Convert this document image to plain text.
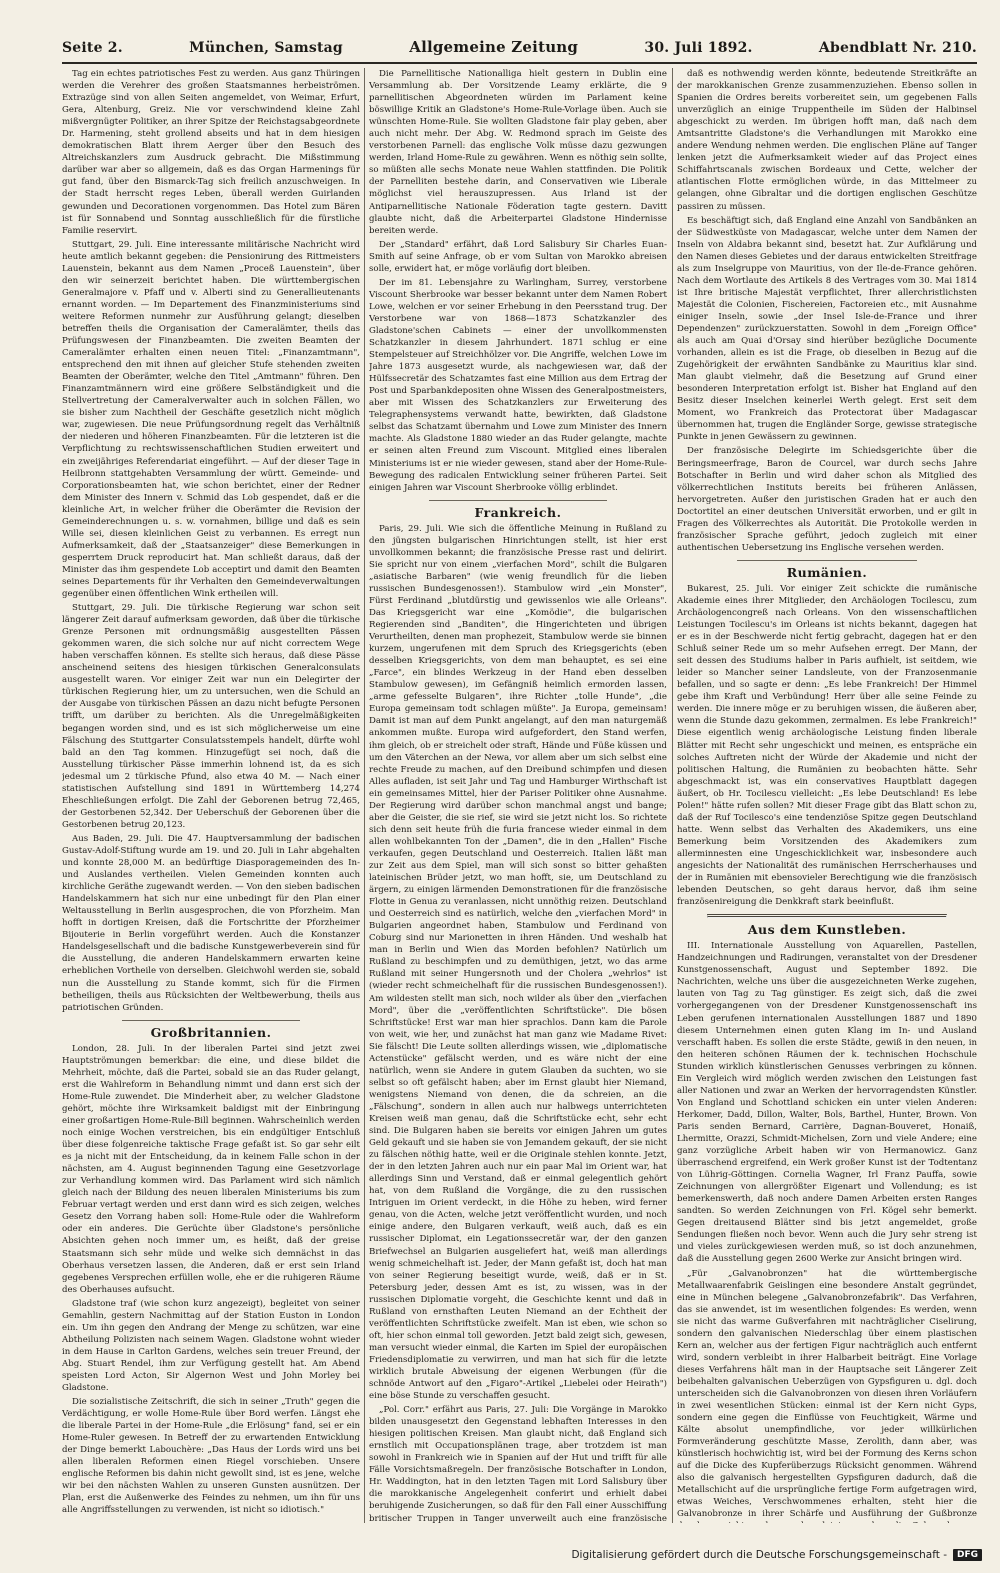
Seite 2.	München, Samstag	Allgemeine Zeitung	30. Juli 1892.	Abendblatt Nr. 210.

Tag ein echtes patriotisches Fest zu werden. Aus ganz Thüringen werden die Verehrer des großen Staatsmannes herbeiströmen. Extrazüge sind von allen Seiten angemeldet, von Weimar, Erfurt, Gera, Altenburg, Greiz. Nie vor verschwindend kleine Zahl mißvergnügter Politiker, an ihrer Spitze der Reichstagsabgeordnete Dr. Harmening, steht grollend abseits und hat in dem hiesigen demokratischen Blatt ihrem Aerger über den Besuch des Altreichskanzlers zum Ausdruck gebracht. Die Mißstimmung darüber war aber so allgemein, daß es das Organ Harmenings für gut fand, über den Bismarck-Tag sich freilich anzuschweigen. In der Stadt herrscht reges Leben, überall werden Guirlanden gewunden und Decorationen vorgenommen. Das Hotel zum Bären ist für Sonnabend und Sonntag ausschließlich für die fürstliche Familie reservirt.

Stuttgart, 29. Juli. Eine interessante militärische Nachricht wird heute amtlich bekannt gegeben: die Pensionirung des Rittmeisters Lauenstein, bekannt aus dem Namen „Proceß Lauenstein", über den wir seinerzeit berichtet haben. Die württembergischen Generalmajore v. Pfaff und v. Alberti sind zu Generallieutenants ernannt worden. — Im Departement des Finanzministeriums sind weitere Reformen nunmehr zur Ausführung gelangt; dieselben betreffen theils die Organisation der Cameralämter, theils das Prüfungswesen der Finanzbeamten. Die zweiten Beamten der Cameralämter erhalten einen neuen Titel: „Finanzamtmann", entsprechend den mit ihnen auf gleicher Stufe stehenden zweiten Beamten der Oberämter, welche den Titel „Amtmann" führen. Den Finanzamtmännern wird eine größere Selbständigkeit und die Stellvertretung der Cameralverwalter auch in solchen Fällen, wo sie bisher zum Nachtheil der Geschäfte gesetzlich nicht möglich war, zugewiesen. Die neue Prüfungsordnung regelt das Verhältniß der niederen und höheren Finanzbeamten. Für die letzteren ist die Verpflichtung zu rechtswissenschaftlichen Studien erweitert und ein zweijähriges Referendariat eingeführt. — Auf der dieser Tage in Heilbronn stattgehabten Versammlung der württ. Gemeinde- und Corporationsbeamten hat, wie schon berichtet, einer der Redner dem Minister des Innern v. Schmid das Lob gespendet, daß er die kleinliche Art, in welcher früher die Oberämter die Revision der Gemeinderechnungen u. s. w. vornahmen, billige und daß es sein Wille sei, diesen kleinlichen Geist zu verbannen. Es erregt nun Aufmerksamkeit, daß der „Staatsanzeiger" diese Bemerkungen in gesperrtem Druck reproducirt hat. Man schließt daraus, daß der Minister das ihm gespendete Lob acceptirt und damit den Beamten seines Departements für ihr Verhalten den Gemeindeverwaltungen gegenüber einen öffentlichen Wink ertheilen will.

Stuttgart, 29. Juli. Die türkische Regierung war schon seit längerer Zeit darauf aufmerksam geworden, daß über die türkische Grenze Personen mit ordnungsmäßig ausgestellten Pässen gekommen waren, die sich solche nur auf nicht correctem Wege haben verschaffen können. Es stellte sich heraus, daß diese Pässe anscheinend seitens des hiesigen türkischen Generalconsulats ausgestellt waren. Vor einiger Zeit war nun ein Delegirter der türkischen Regierung hier, um zu untersuchen, wen die Schuld an der Ausgabe von türkischen Pässen an dazu nicht befugte Personen trifft, um darüber zu berichten. Als die Unregelmäßigkeiten begangen worden sind, und es ist sich möglicherweise um eine Fälschung des Stuttgarter Consulatsstempels handelt, dürfte wohl bald an den Tag kommen. Hinzugefügt sei noch, daß die Ausstellung türkischer Pässe immerhin lohnend ist, da es sich jedesmal um 2 türkische Pfund, also etwa 40 M. — Nach einer statistischen Aufstellung sind 1891 in Württemberg 14,274 Eheschließungen erfolgt. Die Zahl der Geborenen betrug 72,465, der Gestorbenen 52,342. Der Ueberschuß der Geborenen über die Gestorbenen betrug 20,123.

Aus Baden, 29. Juli. Die 47. Hauptversammlung der badischen Gustav-Adolf-Stiftung wurde am 19. und 20. Juli in Lahr abgehalten und konnte 28,000 M. an bedürftige Diasporagemeinden des In- und Auslandes vertheilen. Vielen Gemeinden konnten auch kirchliche Geräthe zugewandt werden. — Von den sieben badischen Handelskammern hat sich nur eine unbedingt für den Plan einer Weltausstellung in Berlin ausgesprochen, die von Pforzheim. Man hofft in dortigen Kreisen, daß die Fortschritte der Pforzheimer Bijouterie in Berlin vorgeführt werden. Auch die Konstanzer Handelsgesellschaft und die badische Kunstgewerbeverein sind für die Ausstellung, die anderen Handelskammern erwarten keine erheblichen Vortheile von derselben. Gleichwohl werden sie, sobald nun die Ausstellung zu Stande kommt, sich für die Firmen betheiligen, theils aus Rücksichten der Weltbewerbung, theils aus patriotischen Gründen.

Großbritannien.

London, 28. Juli. In der liberalen Partei sind jetzt zwei Hauptströmungen bemerkbar: die eine, und diese bildet die Mehrheit, möchte, daß die Partei, sobald sie an das Ruder gelangt, erst die Wahlreform in Behandlung nimmt und dann erst sich der Home-Rule zuwendet. Die Minderheit aber, zu welcher Gladstone gehört, möchte ihre Wirksamkeit baldigst mit der Einbringung einer großartigen Home-Rule-Bill beginnen. Wahrscheinlich werden noch einige Wochen verstreichen, bis ein endgültiger Entschluß über diese folgenreiche taktische Frage gefaßt ist. So gar sehr eilt es ja nicht mit der Entscheidung, da in keinem Falle schon in der nächsten, am 4. August beginnenden Tagung eine Gesetzvorlage zur Verhandlung kommen wird. Das Parlament wird sich nämlich gleich nach der Bildung des neuen liberalen Ministeriums bis zum Februar vertagt werden und erst dann wird es sich zeigen, welches Gesetz den Vorrang haben soll: Home-Rule oder die Wahlreform oder ein anderes. Die Gerüchte über Gladstone's persönliche Absichten gehen noch immer um, es heißt, daß der greise Staatsmann sich sehr müde und welke sich demnächst in das Oberhaus versetzen lassen, die Anderen, daß er erst sein Irland gegebenes Versprechen erfüllen wolle, ehe er die ruhigeren Räume des Oberhauses aufsucht.

Gladstone traf (wie schon kurz angezeigt), begleitet von seiner Gemahlin, gestern Nachmittag auf der Station Euston in London ein. Um ihn gegen den Andrang der Menge zu schützen, war eine Abtheilung Polizisten nach seinem Wagen. Gladstone wohnt wieder in dem Hause in Carlton Gardens, welches sein treuer Freund, der Abg. Stuart Rendel, ihm zur Verfügung gestellt hat. Am Abend speisten Lord Acton, Sir Algernon West und John Morley bei Gladstone.

Die sozialistische Zeitschrift, die sich in seiner „Truth" gegen die Verdächtigung, er wolle Home-Rule über Bord werfen. Längst ehe die liberale Partei in der Home-Rule „die Erlösung" fand, sei er ein Home-Ruler gewesen. In Betreff der zu erwartenden Entwicklung der Dinge bemerkt Labouchère: „Das Haus der Lords wird uns bei allen liberalen Reformen einen Riegel vorschieben. Unsere englische Reformen bis dahin nicht gewollt sind, ist es jene, welche wir bei den nächsten Wahlen zu unseren Gunsten ausnützen. Der Plan, erst die Außenwerke des Feindes zu nehmen, um ihn für uns alle Angriffsstellungen zu verwenden, ist nicht so idiotisch."

Die Parnellitische Nationalliga hielt gestern in Dublin eine Versammlung ab. Der Vorsitzende Leamy erklärte, die 9 parnellitischen Abgeordneten würden im Parlament keine böswillige Kritik an Gladstone's Home-Rule-Vorlage üben. Auch sie wünschten Home-Rule. Sie wollten Gladstone fair play geben, aber auch nicht mehr. Der Abg. W. Redmond sprach im Geiste des verstorbenen Parnell: das englische Volk müsse dazu gezwungen werden, Irland Home-Rule zu gewähren. Wenn es nöthig sein sollte, so müßten alle sechs Monate neue Wahlen stattfinden. Die Politik der Parnelliten bestehe darin, and Conservativen wie Liberale möglichst viel herauszupressen. Aus Irland ist der Antiparnellitische Nationale Föderation tagte gestern. Davitt glaubte nicht, daß die Arbeiterpartei Gladstone Hindernisse bereiten werde.

Der „Standard" erfährt, daß Lord Salisbury Sir Charles Euan-Smith auf seine Anfrage, ob er vom Sultan von Marokko abreisen solle, erwidert hat, er möge vorläufig dort bleiben.

Der im 81. Lebensjahre zu Warlingham, Surrey, verstorbene Viscount Sherbrooke war besser bekannt unter dem Namen Robert Lowe, welchen er vor seiner Erhebung in den Peersstand trug. Der Verstorbene war von 1868—1873 Schatzkanzler des Gladstone'schen Cabinets — einer der unvollkommensten Schatzkanzler in diesem Jahrhundert. 1871 schlug er eine Stempelsteuer auf Streichhölzer vor. Die Angriffe, welchen Lowe im Jahre 1873 ausgesetzt wurde, als nachgewiesen war, daß der Hülfssecretär des Schatzamtes fast eine Million aus dem Ertrag der Post und Sparbankdepositen ohne Wissen des Generalpostmeisters, aber mit Wissen des Schatzkanzlers zur Erweiterung des Telegraphensystems verwandt hatte, bewirkten, daß Gladstone selbst das Schatzamt übernahm und Lowe zum Minister des Innern machte. Als Gladstone 1880 wieder an das Ruder gelangte, machte er seinen alten Freund zum Viscount. Mitglied eines liberalen Ministeriums ist er nie wieder gewesen, stand aber der Home-Rule-Bewegung des radicalen Entwicklung seiner früheren Partei. Seit einigen Jahren war Viscount Sherbrooke völlig erblindet.

Frankreich.

Paris, 29. Juli. Wie sich die öffentliche Meinung in Rußland zu den jüngsten bulgarischen Hinrichtungen stellt, ist hier erst unvollkommen bekannt; die französische Presse rast und delirirt. Sie spricht nur von einem „vierfachen Mord", schilt die Bulgaren „asiatische Barbaren" (wie wenig freundlich für die lieben russischen Bundesgenossen!). Stambulow wird „ein Monster", Fürst Ferdinand „blutdürstig und gewissenlos wie alle Orleans". Das Kriegsgericht war eine „Komödie", die bulgarischen Regierenden sind „Banditen", die Hingerichteten und übrigen Verurtheilten, denen man prophezeit, Stambulow werde sie binnen kurzem, ungerufenen mit dem Spruch des Kriegsgerichts (eben desselben Kriegsgerichts, von dem man behauptet, es sei eine „Farce", ein blindes Werkzeug in der Hand eben desselben Stambulow gewesen), im Gefängniß heimlich ermorden lassen, „arme gefesselte Bulgaren", ihre Richter „tolle Hunde", „die Europa gemeinsam todt schlagen müßte". Ja Europa, gemeinsam! Damit ist man auf dem Punkt angelangt, auf den man naturgemäß ankommen mußte. Europa wird aufgefordert, den Stand werfen, ihm gleich, ob er streichelt oder straft, Hände und Füße küssen und um den Väterchen an der Newa, vor allem aber um sich selbst eine rechte Freude zu machen, auf den Dreibund schimpfen und diesen Alles aufladen, ist seit Jahr und Tag und Hamburger Wirthschaft ist ein gemeinsames Mittel, hier der Pariser Politiker ohne Ausnahme. Der Regierung wird darüber schon manchmal angst und bange; aber die Geister, die sie rief, sie wird sie jetzt nicht los. So richtete sich denn seit heute früh die furia francese wieder einmal in dem allen wohlbekannten Ton der „Damen", die in den „Hallen" Fische verkaufen, gegen Deutschland und Oesterreich. Italien läßt man zur Zeit aus dem Spiel, man will sich sonst so bitter gehaßten lateinischen Brüder jetzt, wo man hofft, sie, um Deutschland zu ärgern, zu einigen lärmenden Demonstrationen für die französische Flotte in Genua zu veranlassen, nicht unnöthig reizen. Deutschland und Oesterreich sind es natürlich, welche den „vierfachen Mord" in Bulgarien angeordnet haben, Stambulow und Ferdinand von Coburg sind nur Marionetten in ihren Händen. Und weshalb hat man in Berlin und Wien das Morden befohlen? Natürlich um Rußland zu beschimpfen und zu demüthigen, jetzt, wo das arme Rußland mit seiner Hungersnoth und der Cholera „wehrlos" ist (wieder recht schmeichelhaft für die russischen Bundesgenossen!). Am wildesten stellt man sich, noch wilder als über den „vierfachen Mord", über die „veröffentlichten Schriftstücke". Die bösen Schriftstücke! Erst war man hier sprachlos. Dann kam die Parole von weit, wie her, und zunächst hat man ganz wie Madame Rivet: Sie fälscht! Die Leute sollten allerdings wissen, wie „diplomatische Actenstücke" gefälscht werden, und es wäre nicht der eine natürlich, wenn sie Andere in gutem Glauben da suchten, wo sie selbst so oft gefälscht haben; aber im Ernst glaubt hier Niemand, wenigstens Niemand von denen, die da schreien, an die „Fälschung", sondern in allen auch nur halbwegs unterrichteten Kreisen weiß man genau, daß die Schriftstücke echt, sehr echt sind. Die Bulgaren haben sie bereits vor einigen Jahren um gutes Geld gekauft und sie haben sie von Jemandem gekauft, der sie nicht zu fälschen nöthig hatte, weil er die Originale stehlen konnte. Jetzt, der in den letzten Jahren auch nur ein paar Mal im Orient war, hat allerdings Sinn und Verstand, daß er einmal gelegentlich gehört hat, von dem Rußland die Vorgänge, die zu den russischen Intriguen im Orient verdeckt, in die Höhe zu heben, wird ferner genau, von die Acten, welche jetzt veröffentlicht wurden, und noch einige andere, den Bulgaren verkauft, weiß auch, daß es ein russischer Diplomat, ein Legationssecretär war, der den ganzen Briefwechsel an Bulgarien ausgeliefert hat, weiß man allerdings wenig schmeichelhaft ist. Jeder, der Mann gefaßt ist, doch hat man von seiner Regierung beseitigt wurde, weiß, daß er in St. Petersburg jeder, dessen Amt es ist, zu wissen, was in der russischen Diplomatie vorgeht, die Geschichte kennt und daß in Rußland von ernsthaften Leuten Niemand an der Echtheit der veröffentlichten Schriftstücke zweifelt. Man ist eben, wie schon so oft, hier schon einmal toll geworden. Jetzt bald zeigt sich, gewesen, man versucht wieder einmal, die Karten im Spiel der europäischen Friedensdiplomatie zu verwirren, und man hat sich für die letzte wirklich brutale Abweisung der eigenen Werbungen (für die schnöde Antwort auf den „Figaro"-Artikel „Liebelei oder Heirath") eine böse Stunde zu verschaffen gesucht.

„Pol. Corr." erfährt aus Paris, 27. Juli: Die Vorgänge in Marokko bilden unausgesetzt den Gegenstand lebhaften Interesses in den hiesigen politischen Kreisen. Man glaubt nicht, daß England sich ernstlich mit Occupationsplänen trage, aber trotzdem ist man sowohl in Frankreich wie in Spanien auf der Hut und trifft für alle Fälle Vorsichtsmaßregeln. Der französische Botschafter in London, Hr. Waddington, hat in den letzten Tagen mit Lord Salisbury über die marokkanische Angelegenheit conferirt und erhielt dabei beruhigende Zusicherungen, so daß für den Fall einer Ausschiffung britischer Truppen in Tanger unverweilt auch eine französische

daß es nothwendig werden könnte, bedeutende Streitkräfte an der marokkanischen Grenze zusammenzuziehen. Ebenso sollen in Spanien die Ordres bereits vorbereitet sein, um gegebenen Falls unverzüglich an einige Truppentheile im Süden der Halbinsel abgeschickt zu werden. Im übrigen hofft man, daß nach dem Amtsantritte Gladstone's die Verhandlungen mit Marokko eine andere Wendung nehmen werden. Die englischen Pläne auf Tanger lenken jetzt die Aufmerksamkeit wieder auf das Project eines Schiffahrtscanals zwischen Bordeaux und Cette, welcher der atlantischen Flotte ermöglichen würde, in das Mittelmeer zu gelangen, ohne Gibraltar und die dortigen englischen Geschütze passiren zu müssen.

Es beschäftigt sich, daß England eine Anzahl von Sandbänken an der Südwestküste von Madagascar, welche unter dem Namen der Inseln von Aldabra bekannt sind, besetzt hat. Zur Aufklärung und den Namen dieses Gebietes und der daraus entwickelten Streitfrage als zum Inselgruppe von Mauritius, von der Ile-de-France gehören. Nach dem Wortlaute des Artikels 8 des Vertrages vom 30. Mai 1814 ist Ihre britische Majestät verpflichtet, Ihrer allerchristlichsten Majestät die Colonien, Fischereien, Factoreien etc., mit Ausnahme einiger Inseln, sowie „der Insel Isle-de-France und ihrer Dependenzen" zurückzuerstatten. Sowohl in dem „Foreign Office" als auch am Quai d'Orsay sind hierüber bezügliche Documente vorhanden, allein es ist die Frage, ob dieselben in Bezug auf die Zugehörigkeit der erwähnten Sandbänke zu Mauritius klar sind. Man glaubt vielmehr, daß die Besetzung auf Grund einer besonderen Interpretation erfolgt ist. Bisher hat England auf den Besitz dieser Inselchen keinerlei Werth gelegt. Erst seit dem Moment, wo Frankreich das Protectorat über Madagascar übernommen hat, trugen die Engländer Sorge, gewisse strategische Punkte in jenen Gewässern zu gewinnen.

Der französische Delegirte im Schiedsgerichte über die Beringsmeerfrage, Baron de Courcel, war durch sechs Jahre Botschafter in Berlin und wird daher schon als Mitglied des völkerrechtlichen Instituts bereits bei früheren Anlässen, hervorgetreten. Außer den juristischen Graden hat er auch den Doctortitel an einer deutschen Universität erworben, und er gilt in Fragen des Völkerrechtes als Autorität. Die Protokolle werden in französischer Sprache geführt, jedoch zugleich mit einer authentischen Uebersetzung ins Englische versehen werden.

Rumänien.

Bukarest, 25. Juli. Vor einiger Zeit schickte die rumänische Akademie eines ihrer Mitglieder, den Archäologen Tocilescu, zum Archäologencongreß nach Orleans. Von den wissenschaftlichen Leistungen Tocilescu's im Orleans ist nichts bekannt, dagegen hat er es in der Beschwerde nicht fertig gebracht, dagegen hat er den Schluß seiner Rede um so mehr Aufsehen erregt. Der Mann, der seit dessen des Studiums halber in Paris aufhielt, ist seitdem, wie leider so Mancher seiner Landsleute, von der Franzosenmanie befallen, und so sagte er denn: „Es lebe Frankreich! Der Himmel gebe ihm Kraft und Verbündung! Herr über alle seine Feinde zu werden. Die innere möge er zu beruhigen wissen, die äußeren aber, wenn die Stunde dazu gekommen, zermalmen. Es lebe Frankreich!" Diese eigentlich wenig archäologische Leistung finden liberale Blätter mit Recht sehr ungeschickt und meinen, es entspräche ein solches Auftreten nicht der Würde der Akademie und nicht der politischen Haltung, die Rumänien zu beobachten hätte. Sehr abgeschmackt ist, was ein conservatives Hauptblatt dagegen äußert, ob Hr. Tocilescu vielleicht: „Es lebe Deutschland! Es lebe Polen!" hätte rufen sollen? Mit dieser Frage gibt das Blatt schon zu, daß der Ruf Tocilesco's eine tendenziöse Spitze gegen Deutschland hatte. Wenn selbst das Verhalten des Akademikers, uns eine Bemerkung beim Vorsitzenden des Akademikers zum allerminnesten eine Ungeschicklichkeit war, insbesondere auch angesichts der Nationalität des rumänischen Herrscherhauses und der in Rumänien mit ebensovieler Berechtigung wie die französisch lebenden Deutschen, so geht daraus hervor, daß ihm seine französenireigung die Denkkraft stark beeinflußt.

Aus dem Kunstleben.

III. Internationale Ausstellung von Aquarellen, Pastellen, Handzeichnungen und Radirungen, veranstaltet von der Dresdener Kunstgenossenschaft, August und September 1892. Die Nachrichten, welche uns über die ausgezeichneten Werke zugehen, lauten von Tag zu Tag günstiger. Es zeigt sich, daß die zwei vorhergegangenen von der Dresdener Kunstgenossenschaft ins Leben gerufenen internationalen Ausstellungen 1887 und 1890 diesem Unternehmen einen guten Klang im In- und Ausland verschafft haben. Es sollen die erste Städte, gewiß in den neuen, in den heiteren schönen Räumen der k. technischen Hochschule Stunden wirklich künstlerischen Genusses verbringen zu können. Ein Vergleich wird möglich werden zwischen den Leistungen fast aller Nationen und zwar an Werken der hervorragendsten Künstler. Von England und Schottland schicken ein unter vielen Anderen: Herkomer, Dadd, Dillon, Walter, Bols, Barthel, Hunter, Brown. Von Paris senden Bernard, Carrière, Dagnan-Bouveret, Honaiß, Lhermitte, Orazzi, Schmidt-Michelsen, Zorn und viele Andere; eine ganz vorzügliche Arbeit haben wir von Hermanowicz. Ganz überraschend ergreifend, ein Werk großer Kunst ist der Todtentanz von Lührig-Göttingen. Cornelia Wagner, Irl Franz Pauffa, sowie Zeichnungen von allergrößter Eigenart und Vollendung; es ist bemerkenswerth, daß noch andere Damen Arbeiten ersten Ranges sandten. So werden Zeichnungen von Frl. Kögel sehr bemerkt. Gegen dreitausend Blätter sind bis jetzt angemeldet, große Sendungen fließen noch bevor. Wenn auch die Jury sehr streng ist und vieles zurückgewiesen werden muß, so ist doch anzunehmen, daß die Ausstellung gegen 2600 Werke zur Ansicht bringen wird.

„Für „Galvanobronzen" hat die württembergische Metallwaarenfabrik Geislingen eine besondere Anstalt gegründet, eine in München belegene „Galvanobronzefabrik". Das Verfahren, das sie anwendet, ist im wesentlichen folgendes: Es werden, wenn sie nicht das warme Gußverfahren mit nachträglicher Ciselirung, sondern den galvanischen Niederschlag über einem plastischen Kern an, welcher aus der fertigen Figur nachträglich auch entfernt wird, sondern verbleibt in ihrer Halbarbeit beiträgt. Eine Vorlage dieses Verfahrens hält man in der Hauptsache seit Längerer Zeit beibehalten galvanischen Ueberzügen von Gypsfiguren u. dgl. doch unterscheiden sich die Galvanobronzen von diesen ihren Vorläufern in zwei wesentlichen Stücken: einmal ist der Kern nicht Gyps, sondern eine gegen die Einflüsse von Feuchtigkeit, Wärme und Kälte absolut unempfindliche, vor jeder willkürlichen Formveränderung geschützte Masse, Zerolith, dann aber, was künstlerisch hochwichtig ist, wird bei der Formung des Kerns schon auf die Dicke des Kupferüberzugs Rücksicht genommen. Während also die galvanisch hergestellten Gypsfiguren dadurch, daß die Metallschicht auf die ursprüngliche fertige Form aufgetragen wird, etwas Weiches, Verschwommenes erhalten, steht hier die Galvanobronze in ihrer Schärfe und Ausführung der Gußbronze

Digitalisierung gefördert durch die Deutsche Forschungsgemeinschaft -	DFG
